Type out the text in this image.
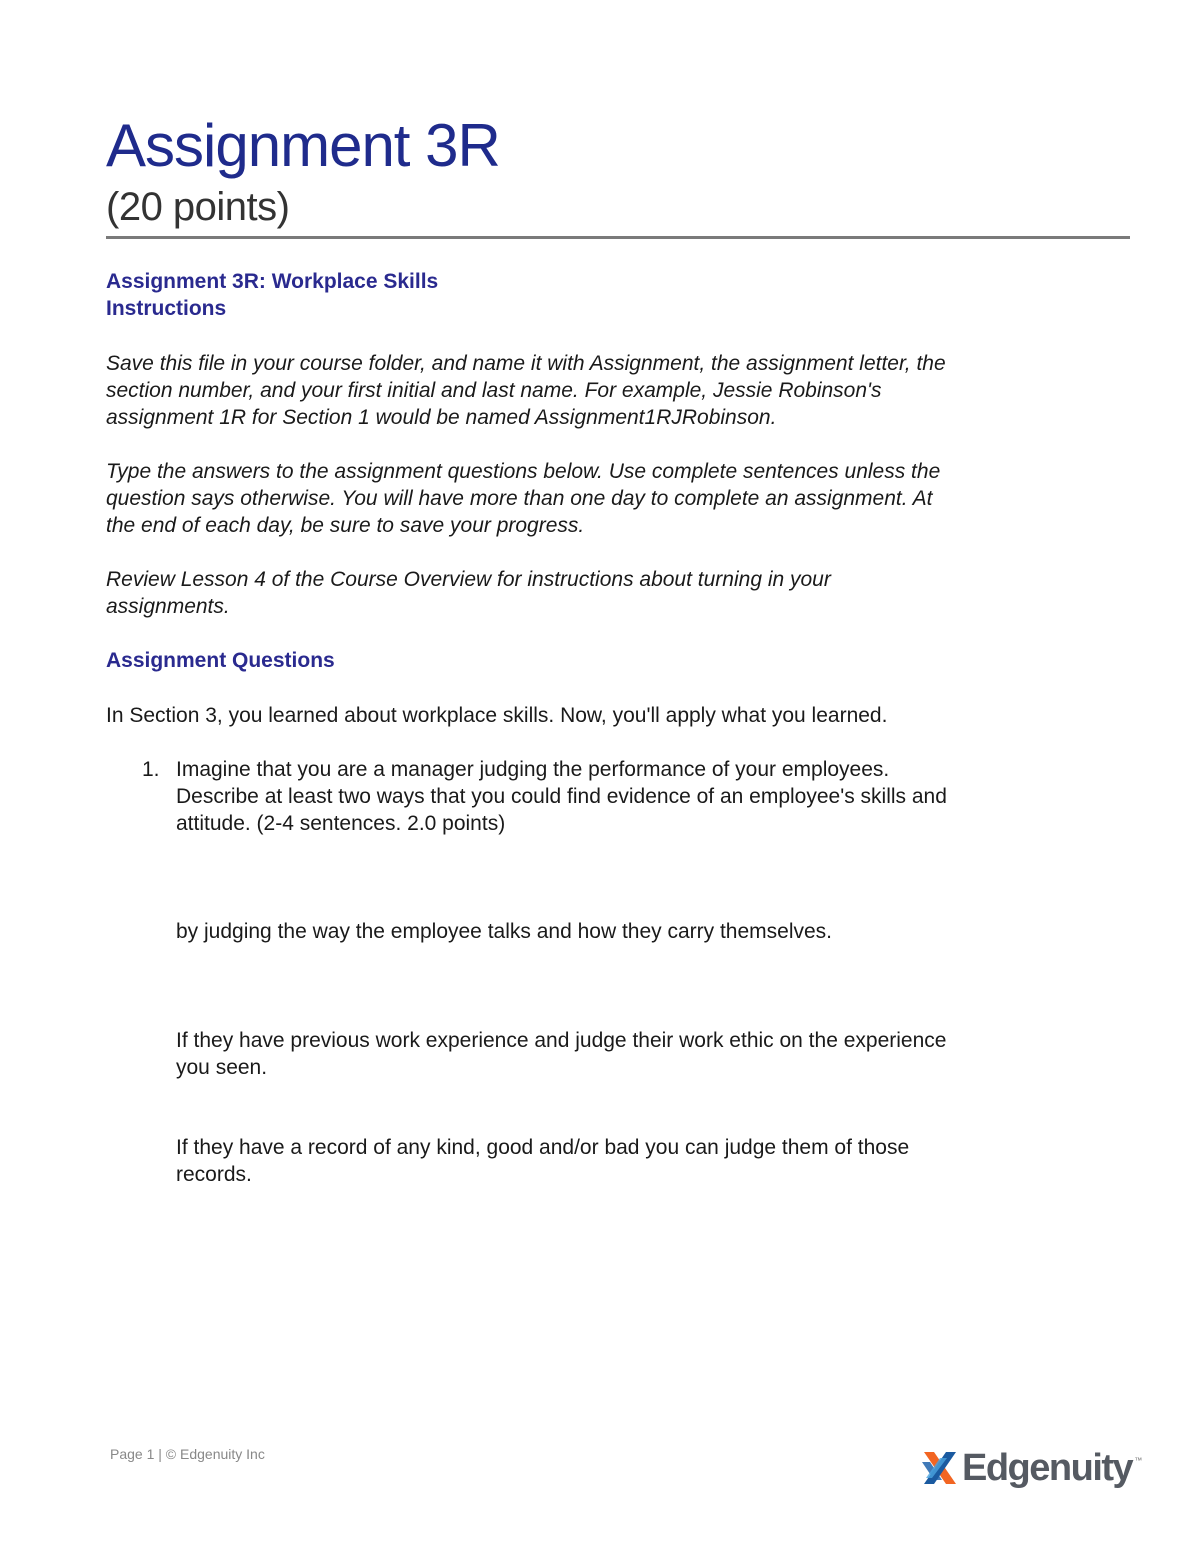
Assignment 3R
(20 points)
Assignment 3R: Workplace Skills
Instructions
Save this file in your course folder, and name it with Assignment, the assignment letter, the
section number, and your first initial and last name. For example, Jessie Robinson's
assignment 1R for Section 1 would be named Assignment1RJRobinson.
Type the answers to the assignment questions below. Use complete sentences unless the
question says otherwise. You will have more than one day to complete an assignment. At
the end of each day, be sure to save your progress.
Review Lesson 4 of the Course Overview for instructions about turning in your
assignments.
Assignment Questions
In Section 3, you learned about workplace skills. Now, you'll apply what you learned.
1. Imagine that you are a manager judging the performance of your employees.
Describe at least two ways that you could find evidence of an employee's skills and
attitude. (2-4 sentences. 2.0 points)
by judging the way the employee talks and how they carry themselves.
If they have previous work experience and judge their work ethic on the experience
you seen.
If they have a record of any kind, good and/or bad you can judge them of those
records.
Page 1 | © Edgenuity Inc	Edgenuity ™
